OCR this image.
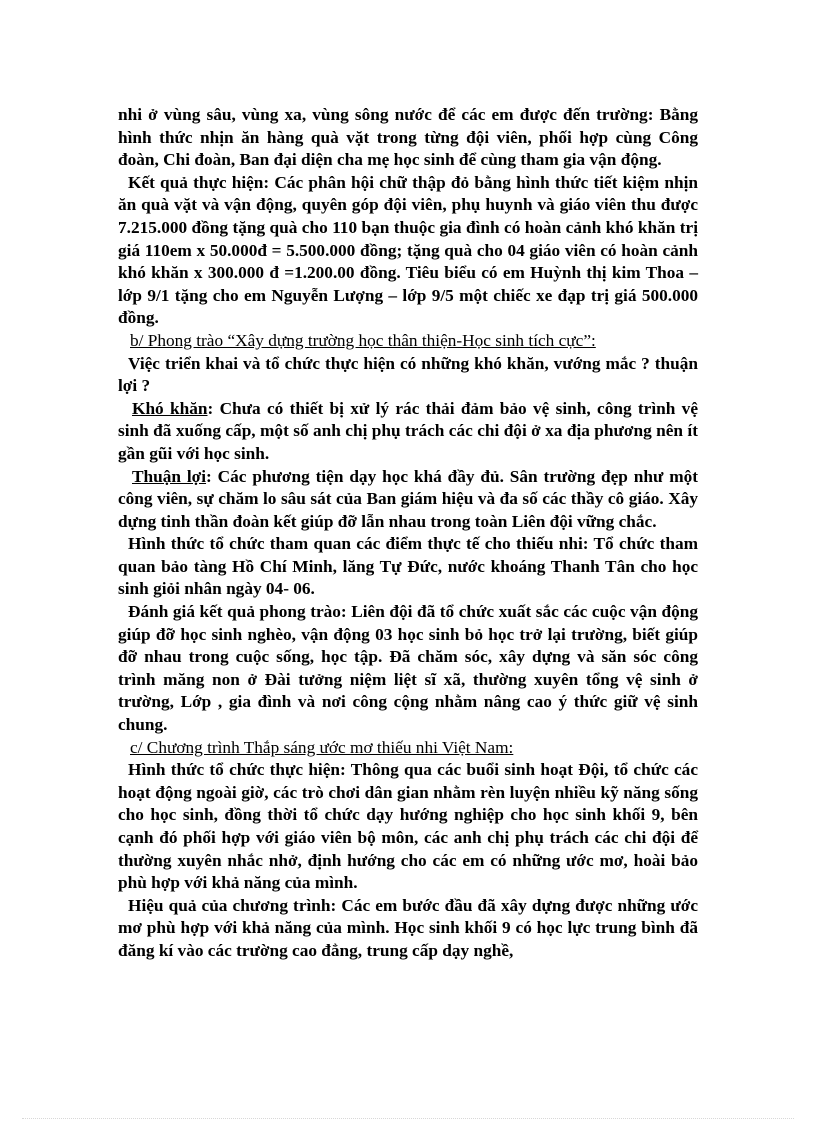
nhi ở vùng sâu, vùng xa, vùng sông nước để các em được đến trường: Bằng hình thức nhịn ăn hàng quà vặt trong từng đội viên, phối hợp cùng Công đoàn, Chi đoàn, Ban đại diện cha mẹ học sinh để cùng tham gia vận động.

Kết quả thực hiện: Các phân hội chữ thập đỏ bằng hình thức tiết kiệm nhịn ăn quà vặt và vận động, quyên góp đội viên, phụ huynh và giáo viên thu được 7.215.000 đồng tặng quà cho 110 bạn thuộc gia đình có hoàn cảnh khó khăn trị giá 110em x 50.000đ = 5.500.000 đồng; tặng quà cho 04 giáo viên có hoàn cảnh khó khăn x 300.000 đ =1.200.00 đồng. Tiêu biểu có em Huỳnh thị kim Thoa – lớp 9/1 tặng cho em Nguyễn Lượng – lớp 9/5 một chiếc xe đạp trị giá 500.000 đồng.

b/ Phong trào “Xây dựng trường học thân thiện-Học sinh tích cực”:

Việc triển khai và tổ chức thực hiện có những khó khăn, vướng mắc ? thuận lợi ?

Khó khăn: Chưa có thiết bị xử lý rác thải đảm bảo vệ sinh, công trình vệ sinh đã xuống cấp, một số anh chị phụ trách các chi đội ở xa địa phương nên ít gần gũi với học sinh.

Thuận lợi: Các phương tiện dạy học khá đầy đủ. Sân trường đẹp như một công viên, sự chăm lo sâu sát của Ban giám hiệu và đa số các thầy cô giáo. Xây dựng tinh thần đoàn kết giúp đỡ lẫn nhau trong toàn Liên đội vững chắc.

Hình thức tổ chức tham quan các điểm thực tế cho thiếu nhi: Tổ chức tham quan bảo tàng Hồ Chí Minh, lăng Tự Đức, nước khoáng Thanh Tân cho học sinh giỏi nhân ngày 04- 06.

Đánh giá kết quả phong trào: Liên đội đã tổ chức xuất sắc các cuộc vận động giúp đỡ học sinh nghèo, vận động 03 học sinh bỏ học trở lại trường, biết giúp đỡ nhau trong cuộc sống, học tập. Đã chăm sóc, xây dựng và săn sóc công trình măng non ở Đài tưởng niệm liệt sĩ xã, thường xuyên tổng vệ sinh ở trường, Lớp , gia đình và nơi công cộng nhằm nâng cao ý thức giữ vệ sinh chung.

c/ Chương trình Thắp sáng ước mơ thiếu nhi Việt Nam:

Hình thức tổ chức thực hiện: Thông qua các buổi sinh hoạt Đội, tổ chức các hoạt động ngoài giờ, các trò chơi dân gian nhằm rèn luyện nhiều kỹ năng sống cho học sinh, đồng thời tổ chức dạy hướng nghiệp cho học sinh khối 9, bên cạnh đó phối hợp với giáo viên bộ môn, các anh chị phụ trách các chi đội để thường xuyên nhắc nhở, định hướng cho các em có những ước mơ, hoài bảo phù hợp với khả năng của mình.

Hiệu quả của chương trình: Các em bước đầu đã xây dựng được những ước mơ phù hợp với khả năng của mình. Học sinh khối 9 có học lực trung bình đã đăng kí vào các trường cao đẳng, trung cấp dạy nghề,
